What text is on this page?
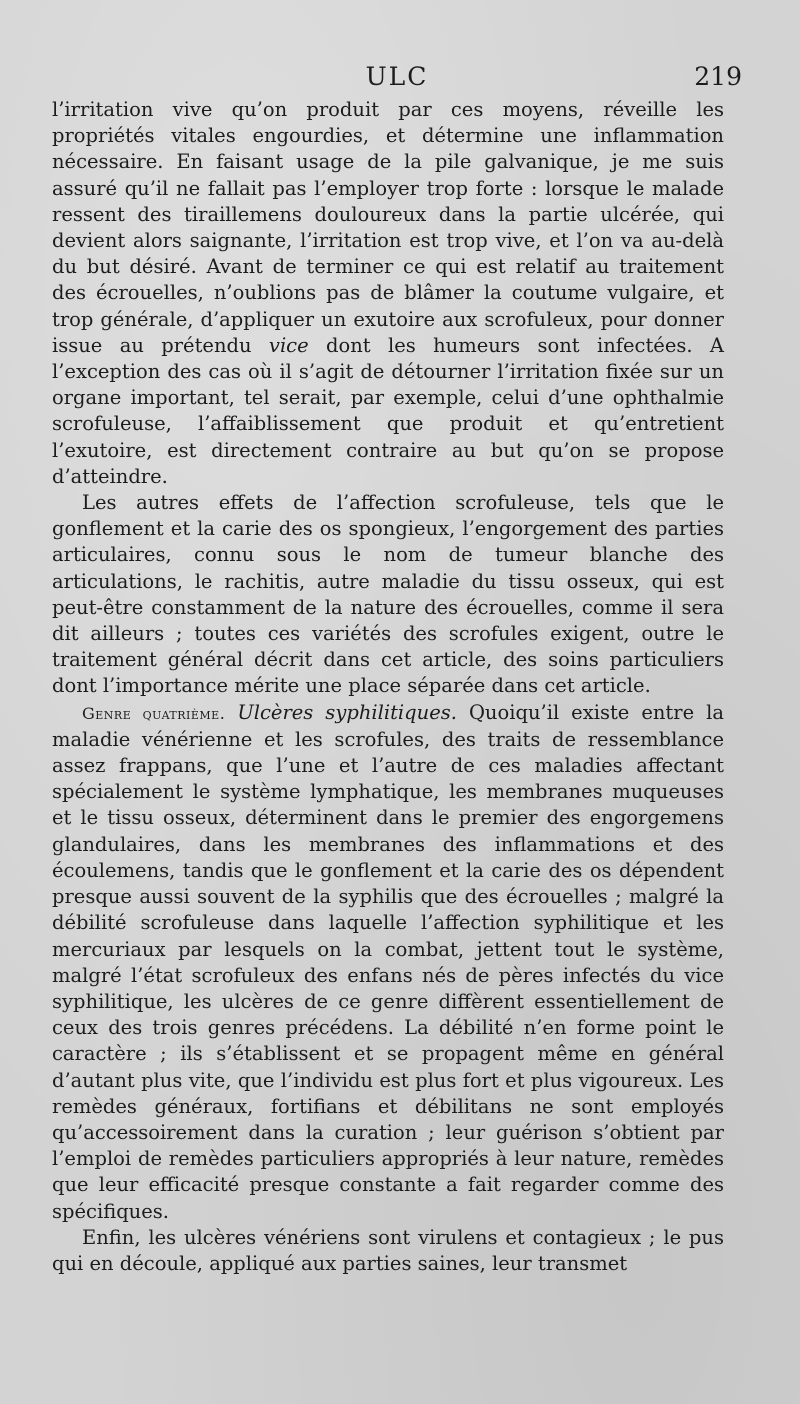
ULC	219

l’irritation vive qu’on produit par ces moyens, réveille les propriétés vitales engourdies, et détermine une inflammation nécessaire. En faisant usage de la pile galvanique, je me suis assuré qu’il ne fallait pas l’employer trop forte : lorsque le malade ressent des tiraillemens douloureux dans la partie ulcérée, qui devient alors saignante, l’irritation est trop vive, et l’on va au-delà du but désiré. Avant de terminer ce qui est relatif au traitement des écrouelles, n’oublions pas de blâmer la coutume vulgaire, et trop générale, d’appliquer un exutoire aux scrofuleux, pour donner issue au prétendu vice dont les humeurs sont infectées. A l’exception des cas où il s’agit de détourner l’irritation fixée sur un organe important, tel serait, par exemple, celui d’une ophthalmie scrofuleuse, l’affaiblissement que produit et qu’entretient l’exutoire, est directement contraire au but qu’on se propose d’atteindre.

Les autres effets de l’affection scrofuleuse, tels que le gonflement et la carie des os spongieux, l’engorgement des parties articulaires, connu sous le nom de tumeur blanche des articulations, le rachitis, autre maladie du tissu osseux, qui est peut-être constamment de la nature des écrouelles, comme il sera dit ailleurs ; toutes ces variétés des scrofules exigent, outre le traitement général décrit dans cet article, des soins particuliers dont l’importance mérite une place séparée dans cet article.

Genre quatrième. Ulcères syphilitiques. Quoiqu’il existe entre la maladie vénérienne et les scrofules, des traits de ressemblance assez frappans, que l’une et l’autre de ces maladies affectant spécialement le système lymphatique, les membranes muqueuses et le tissu osseux, déterminent dans le premier des engorgemens glandulaires, dans les membranes des inflammations et des écoulemens, tandis que le gonflement et la carie des os dépendent presque aussi souvent de la syphilis que des écrouelles ; malgré la débilité scrofuleuse dans laquelle l’affection syphilitique et les mercuriaux par lesquels on la combat, jettent tout le système, malgré l’état scrofuleux des enfans nés de pères infectés du vice syphilitique, les ulcères de ce genre diffèrent essentiellement de ceux des trois genres précédens. La débilité n’en forme point le caractère ; ils s’établissent et se propagent même en général d’autant plus vite, que l’individu est plus fort et plus vigoureux. Les remèdes généraux, fortifians et débilitans ne sont employés qu’accessoirement dans la curation ; leur guérison s’obtient par l’emploi de remèdes particuliers appropriés à leur nature, remèdes que leur efficacité presque constante a fait regarder comme des spécifiques.

Enfin, les ulcères vénériens sont virulens et contagieux ; le pus qui en découle, appliqué aux parties saines, leur transmet
